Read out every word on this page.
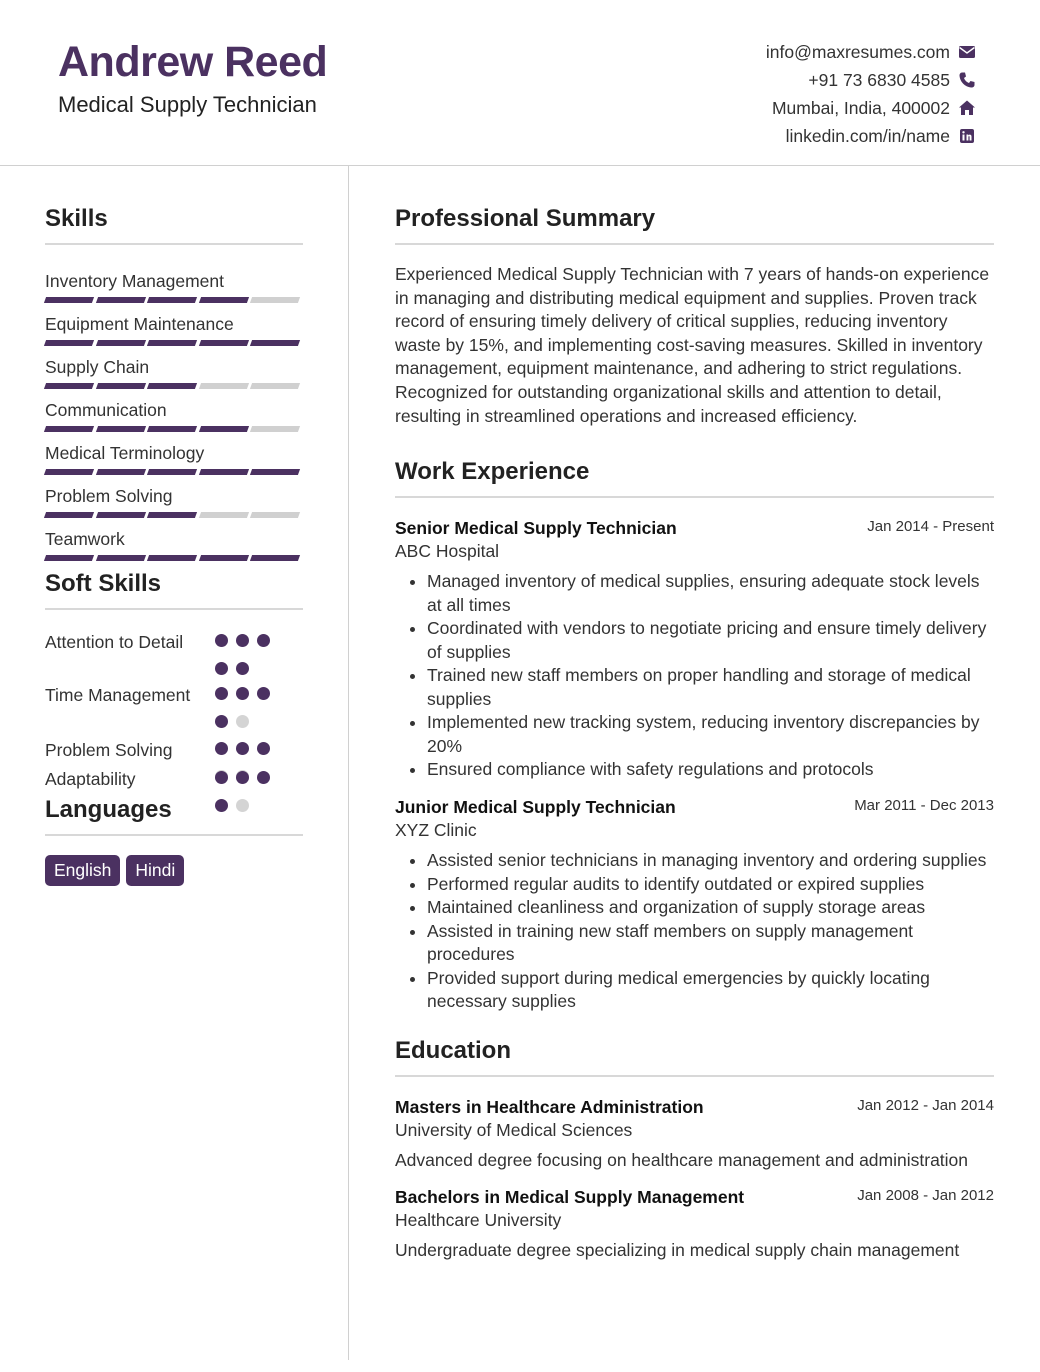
Andrew Reed
Medical Supply Technician
info@maxresumes.com
+91 73 6830 4585
Mumbai, India, 400002
linkedin.com/in/name
Skills
Inventory Management
Equipment Maintenance
Supply Chain
Communication
Medical Terminology
Problem Solving
Teamwork
Soft Skills
Attention to Detail
Time Management
Problem Solving
Adaptability
Languages
English	Hindi
Professional Summary
Experienced Medical Supply Technician with 7 years of hands-on experience in managing and distributing medical equipment and supplies. Proven track record of ensuring timely delivery of critical supplies, reducing inventory waste by 15%, and implementing cost-saving measures. Skilled in inventory management, equipment maintenance, and adhering to strict regulations. Recognized for outstanding organizational skills and attention to detail, resulting in streamlined operations and increased efficiency.
Work Experience
Senior Medical Supply Technician	Jan 2014 - Present
ABC Hospital
• Managed inventory of medical supplies, ensuring adequate stock levels at all times
• Coordinated with vendors to negotiate pricing and ensure timely delivery of supplies
• Trained new staff members on proper handling and storage of medical supplies
• Implemented new tracking system, reducing inventory discrepancies by 20%
• Ensured compliance with safety regulations and protocols
Junior Medical Supply Technician	Mar 2011 - Dec 2013
XYZ Clinic
• Assisted senior technicians in managing inventory and ordering supplies
• Performed regular audits to identify outdated or expired supplies
• Maintained cleanliness and organization of supply storage areas
• Assisted in training new staff members on supply management procedures
• Provided support during medical emergencies by quickly locating necessary supplies
Education
Masters in Healthcare Administration	Jan 2012 - Jan 2014
University of Medical Sciences
Advanced degree focusing on healthcare management and administration
Bachelors in Medical Supply Management	Jan 2008 - Jan 2012
Healthcare University
Undergraduate degree specializing in medical supply chain management
